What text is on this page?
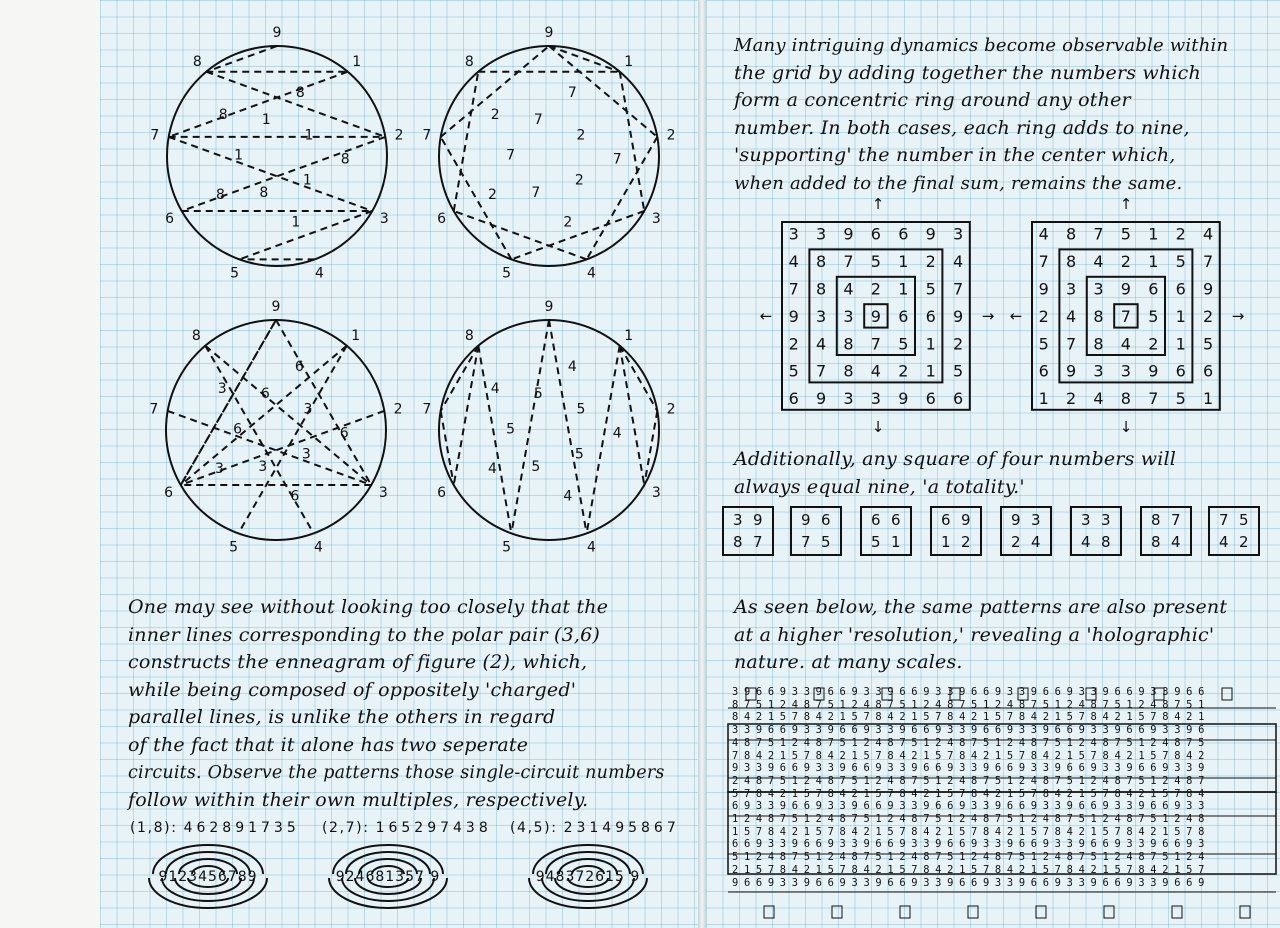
9
1
2
3
4
5
6
7
8
8
1
8
1
1
8
8
1
8 1
9
1
2
3
4
5
6
7
8
7
2
7
2
2
7
2
7
2 7
9
1
2
3
4
5
6
7
8
6
3
6
3
6
3
3
6
3 6
9
1
2
3
4
5
6
7
8
4
5
4
5
4
5
4
5
4 5
One may see without looking too closely that the
inner lines corresponding to the polar pair (3,6)
constructs the enneagram of figure (2), which,
while being composed of oppositely 'charged'
parallel lines, is unlike the others in regard
of the fact that it alone has two seperate
circuits. Observe the patterns those single-circuit numbers
follow within their own multiples, respectively.
(1,8): 462891735 (2,7): 165297438 (4,5): 231495867
9123456789	924681357 9	948372615 9
Many intriguing dynamics become observable within
the grid by adding together the numbers which
form a concentric ring around any other
number. In both cases, each ring adds to nine,
'supporting' the number in the center which,
when added to the final sum, remains the same.
3 3 9 6 6 9 3
4 8 7 5 1 2 4
7 8 4 2 1 5 7
9 3 3 9 6 6 9
2 4 8 7 5 1 2
5 7 8 4 2 1 5
6 9 3 3 9 6 6
4 8 7 5 1 2 4
7 8 4 2 1 5 7
9 3 3 9 6 6 9
2 4 8 7 5 1 2
5 7 8 4 2 1 5
6 9 3 3 9 6 6
1 2 4 8 7 5 1
↑
↓
←	→
↑
↓
←	→
Additionally, any square of four numbers will
always equal nine, 'a totality.'
3 9
8 7
9 6
7 5
6 6
5 1
6 9
1 2
9 3
2 4
3 3
4 8
8 7
8 4
7 5
4 2
As seen below, the same patterns are also present
at a higher 'resolution,' revealing a 'holographic'
nature. at many scales.
3 9 6 6 9 3 3 9 6 6 9 3 3 9 6 6 9 3 3 9 6 6 9 3 3 9 6 6 9 3 3 9 6 6 9 3 3 9 6 6
8 7 5 1 2 4 8 7 5 1 2 4 8 7 5 1 2 4 8 7 5 1 2 4 8 7 5 1 2 4 8 7 5 1 2 4 8 7 5 1
8 4 2 1 5 7 8 4 2 1 5 7 8 4 2 1 5 7 8 4 2 1 5 7 8 4 2 1 5 7 8 4 2 1 5 7 8 4 2 1
3 3 9 6 6 9 3 3 9 6 6 9 3 3 9 6 6 9 3 3 9 6 6 9 3 3 9 6 6 9 3 3 9 6 6 9 3 3 9 6
4 8 7 5 1 2 4 8 7 5 1 2 4 8 7 5 1 2 4 8 7 5 1 2 4 8 7 5 1 2 4 8 7 5 1 2 4 8 7 5
7 8 4 2 1 5 7 8 4 2 1 5 7 8 4 2 1 5 7 8 4 2 1 5 7 8 4 2 1 5 7 8 4 2 1 5 7 8 4 2
9 3 3 9 6 6 9 3 3 9 6 6 9 3 3 9 6 6 9 3 3 9 6 6 9 3 3 9 6 6 9 3 3 9 6 6 9 3 3 9
2 4 8 7 5 1 2 4 8 7 5 1 2 4 8 7 5 1 2 4 8 7 5 1 2 4 8 7 5 1 2 4 8 7 5 1 2 4 8 7
5 7 8 4 2 1 5 7 8 4 2 1 5 7 8 4 2 1 5 7 8 4 2 1 5 7 8 4 2 1 5 7 8 4 2 1 5 7 8 4
6 9 3 3 9 6 6 9 3 3 9 6 6 9 3 3 9 6 6 9 3 3 9 6 6 9 3 3 9 6 6 9 3 3 9 6 6 9 3 3
1 2 4 8 7 5 1 2 4 8 7 5 1 2 4 8 7 5 1 2 4 8 7 5 1 2 4 8 7 5 1 2 4 8 7 5 1 2 4 8
1 5 7 8 4 2 1 5 7 8 4 2 1 5 7 8 4 2 1 5 7 8 4 2 1 5 7 8 4 2 1 5 7 8 4 2 1 5 7 8
6 6 9 3 3 9 6 6 9 3 3 9 6 6 9 3 3 9 6 6 9 3 3 9 6 6 9 3 3 9 6 6 9 3 3 9 6 6 9 3
5 1 2 4 8 7 5 1 2 4 8 7 5 1 2 4 8 7 5 1 2 4 8 7 5 1 2 4 8 7 5 1 2 4 8 7 5 1 2 4
2 1 5 7 8 4 2 1 5 7 8 4 2 1 5 7 8 4 2 1 5 7 8 4 2 1 5 7 8 4 2 1 5 7 8 4 2 1 5 7
9 6 6 9 3 3 9 6 6 9 3 3 9 6 6 9 3 3 9 6 6 9 3 3 9 6 6 9 3 3 9 6 6 9 3 3 9 6 6 9
